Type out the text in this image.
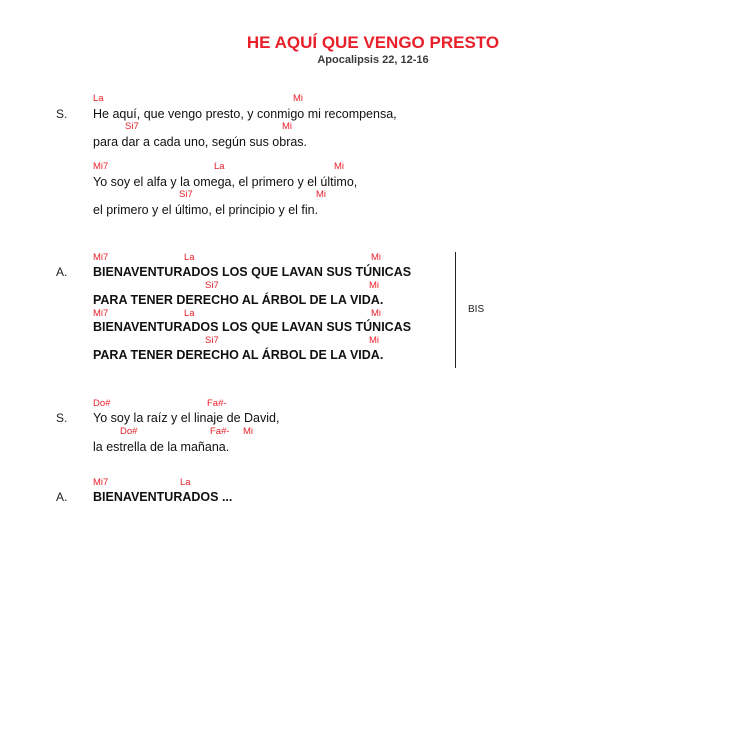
HE AQUÍ QUE VENGO PRESTO
Apocalipsis 22, 12-16
La	Mi
S. He aquí, que vengo presto, y conmigo mi recompensa,
Si7	Mi
para dar a cada uno, según sus obras.
Mi7	La	Mi
Yo soy el alfa y la omega, el primero y el último,
Si7	Mi
el primero y el último, el principio y el fin.
Mi7	La	Mi
A. BIENAVENTURADOS LOS QUE LAVAN SUS TÚNICAS
Si7	Mi
PARA TENER DERECHO AL ÁRBOL DE LA VIDA.
Mi7	La	Mi
BIENAVENTURADOS LOS QUE LAVAN SUS TÚNICAS
Si7	Mi
PARA TENER DERECHO AL ÁRBOL DE LA VIDA.
BIS
Do#	Fa#-
S. Yo soy la raíz y el linaje de David,
Do#	Fa#- Mi
la estrella de la mañana.
Mi7	La
A. BIENAVENTURADOS ...
